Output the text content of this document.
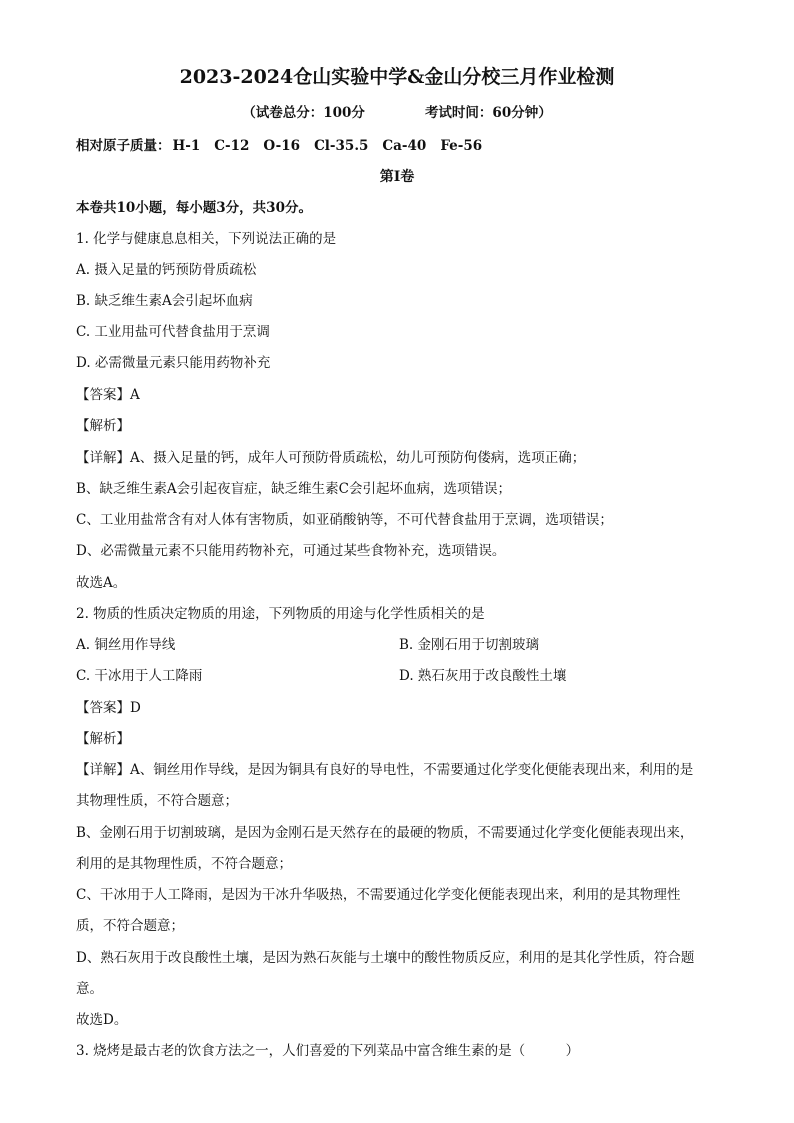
2023-2024仓山实验中学&金山分校三月作业检测
（试卷总分：100分	考试时间：60分钟）
相对原子质量： H-1 C-12 O-16 Cl-35.5 Ca-40 Fe-56
第I卷
本卷共10小题，每小题3分，共30分。
1. 化学与健康息息相关，下列说法正确的是
A. 摄入足量的钙预防骨质疏松
B. 缺乏维生素A会引起坏血病
C. 工业用盐可代替食盐用于烹调
D. 必需微量元素只能用药物补充
【答案】A
【解析】
【详解】A、摄入足量的钙，成年人可预防骨质疏松，幼儿可预防佝偻病，选项正确；
B、缺乏维生素A会引起夜盲症，缺乏维生素C会引起坏血病，选项错误；
C、工业用盐常含有对人体有害物质，如亚硝酸钠等，不可代替食盐用于烹调，选项错误；
D、必需微量元素不只能用药物补充，可通过某些食物补充，选项错误。
故选A。
2. 物质的性质决定物质的用途，下列物质的用途与化学性质相关的是
A. 铜丝用作导线	B. 金刚石用于切割玻璃
C. 干冰用于人工降雨	D. 熟石灰用于改良酸性土壤
【答案】D
【解析】
【详解】A、铜丝用作导线，是因为铜具有良好的导电性，不需要通过化学变化便能表现出来，利用的是
其物理性质，不符合题意；
B、金刚石用于切割玻璃，是因为金刚石是天然存在的最硬的物质，不需要通过化学变化便能表现出来，
利用的是其物理性质，不符合题意；
C、干冰用于人工降雨，是因为干冰升华吸热，不需要通过化学变化便能表现出来，利用的是其物理性
质，不符合题意；
D、熟石灰用于改良酸性土壤，是因为熟石灰能与土壤中的酸性物质反应，利用的是其化学性质，符合题
意。
故选D。
3. 烧烤是最古老的饮食方法之一，人们喜爱的下列菜品中富含维生素的是（　　　）
